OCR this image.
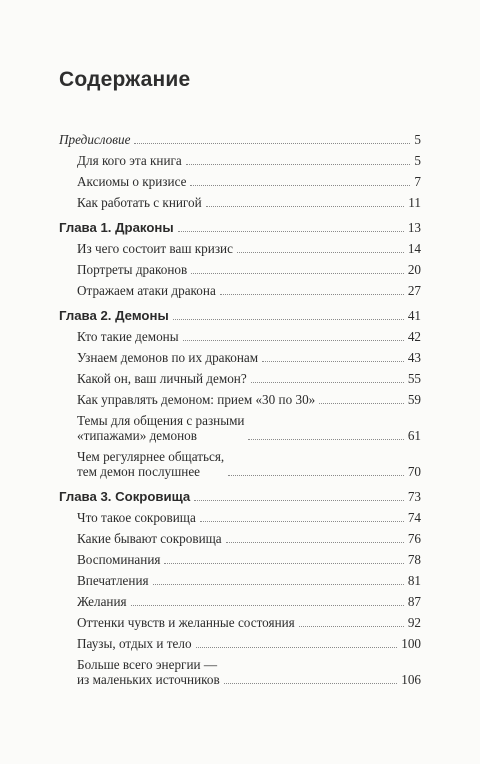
Содержание
Предисловие	5
Для кого эта книга	5
Аксиомы о кризисе	7
Как работать с книгой	11
Глава 1. Драконы	13
Из чего состоит ваш кризис	14
Портреты драконов	20
Отражаем атаки дракона	27
Глава 2. Демоны	41
Кто такие демоны	42
Узнаем демонов по их драконам	43
Какой он, ваш личный демон?	55
Как управлять демоном: прием «30 по 30»	59
Темы для общения с разными
«типажами» демонов	61
Чем регулярнее общаться,
тем демон послушнее	70
Глава 3. Сокровища	73
Что такое сокровища	74
Какие бывают сокровища	76
Воспоминания	78
Впечатления	81
Желания	87
Оттенки чувств и желанные состояния	92
Паузы, отдых и тело	100
Больше всего энергии —
из маленьких источников	106
